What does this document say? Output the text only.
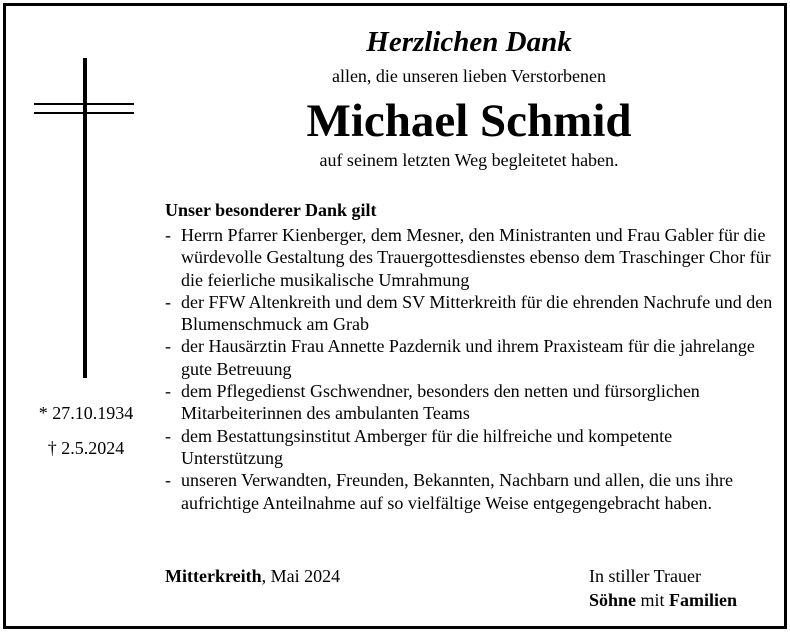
Herzlichen Dank
allen, die unseren lieben Verstorbenen
Michael Schmid
auf seinem letzten Weg begleitetet haben.
* 27.10.1934
† 2.5.2024
Unser besonderer Dank gilt
- Herrn Pfarrer Kienberger, dem Mesner, den Ministranten und Frau Gabler für die würdevolle Gestaltung des Trauergottesdienstes ebenso dem Traschinger Chor für die feierliche musikalische Umrahmung
- der FFW Altenkreith und dem SV Mitterkreith für die ehrenden Nachrufe und den Blumenschmuck am Grab
- der Hausärztin Frau Annette Pazdernik und ihrem Praxisteam für die jahrelange gute Betreuung
- dem Pflegedienst Gschwendner, besonders den netten und fürsorglichen Mitarbeiterinnen des ambulanten Teams
- dem Bestattungsinstitut Amberger für die hilfreiche und kompetente Unterstützung
- unseren Verwandten, Freunden, Bekannten, Nachbarn und allen, die uns ihre aufrichtige Anteilnahme auf so vielfältige Weise entgegengebracht haben.
Mitterkreith, Mai 2024	In stiller Trauer
Söhne mit Familien
